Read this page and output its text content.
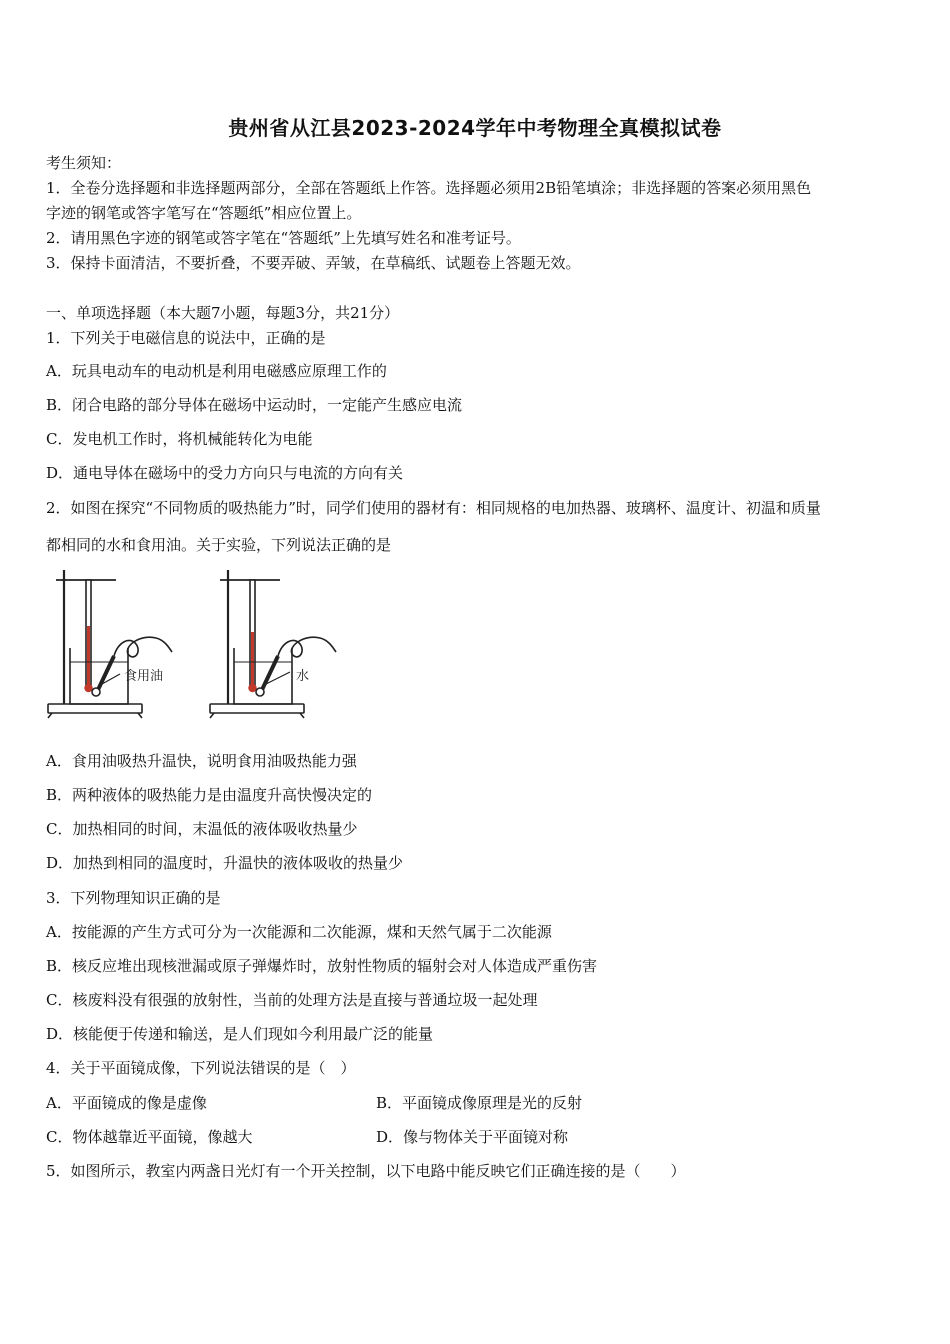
贵州省从江县2023-2024学年中考物理全真模拟试卷
考生须知：
1．全卷分选择题和非选择题两部分，全部在答题纸上作答。选择题必须用2B铅笔填涂；非选择题的答案必须用黑色
字迹的钢笔或答字笔写在“答题纸”相应位置上。
2．请用黑色字迹的钢笔或答字笔在“答题纸”上先填写姓名和准考证号。
3．保持卡面清洁，不要折叠，不要弄破、弄皱，在草稿纸、试题卷上答题无效。
一、单项选择题（本大题7小题，每题3分，共21分）
1．下列关于电磁信息的说法中，正确的是
A．玩具电动车的电动机是利用电磁感应原理工作的
B．闭合电路的部分导体在磁场中运动时，一定能产生感应电流
C．发电机工作时，将机械能转化为电能
D．通电导体在磁场中的受力方向只与电流的方向有关
2．如图在探究“不同物质的吸热能力”时，同学们使用的器材有：相同规格的电加热器、玻璃杯、温度计、初温和质量
都相同的水和食用油。关于实验，下列说法正确的是
食用油	水
A．食用油吸热升温快，说明食用油吸热能力强
B．两种液体的吸热能力是由温度升高快慢决定的
C．加热相同的时间，末温低的液体吸收热量少
D．加热到相同的温度时，升温快的液体吸收的热量少
3．下列物理知识正确的是
A．按能源的产生方式可分为一次能源和二次能源，煤和天然气属于二次能源
B．核反应堆出现核泄漏或原子弹爆炸时，放射性物质的辐射会对人体造成严重伤害
C．核废料没有很强的放射性，当前的处理方法是直接与普通垃圾一起处理
D．核能便于传递和输送，是人们现如今利用最广泛的能量
4．关于平面镜成像，下列说法错误的是（　）
A．平面镜成的像是虚像	B．平面镜成像原理是光的反射
C．物体越靠近平面镜，像越大	D．像与物体关于平面镜对称
5．如图所示，教室内两盏日光灯有一个开关控制，以下电路中能反映它们正确连接的是（　　）
